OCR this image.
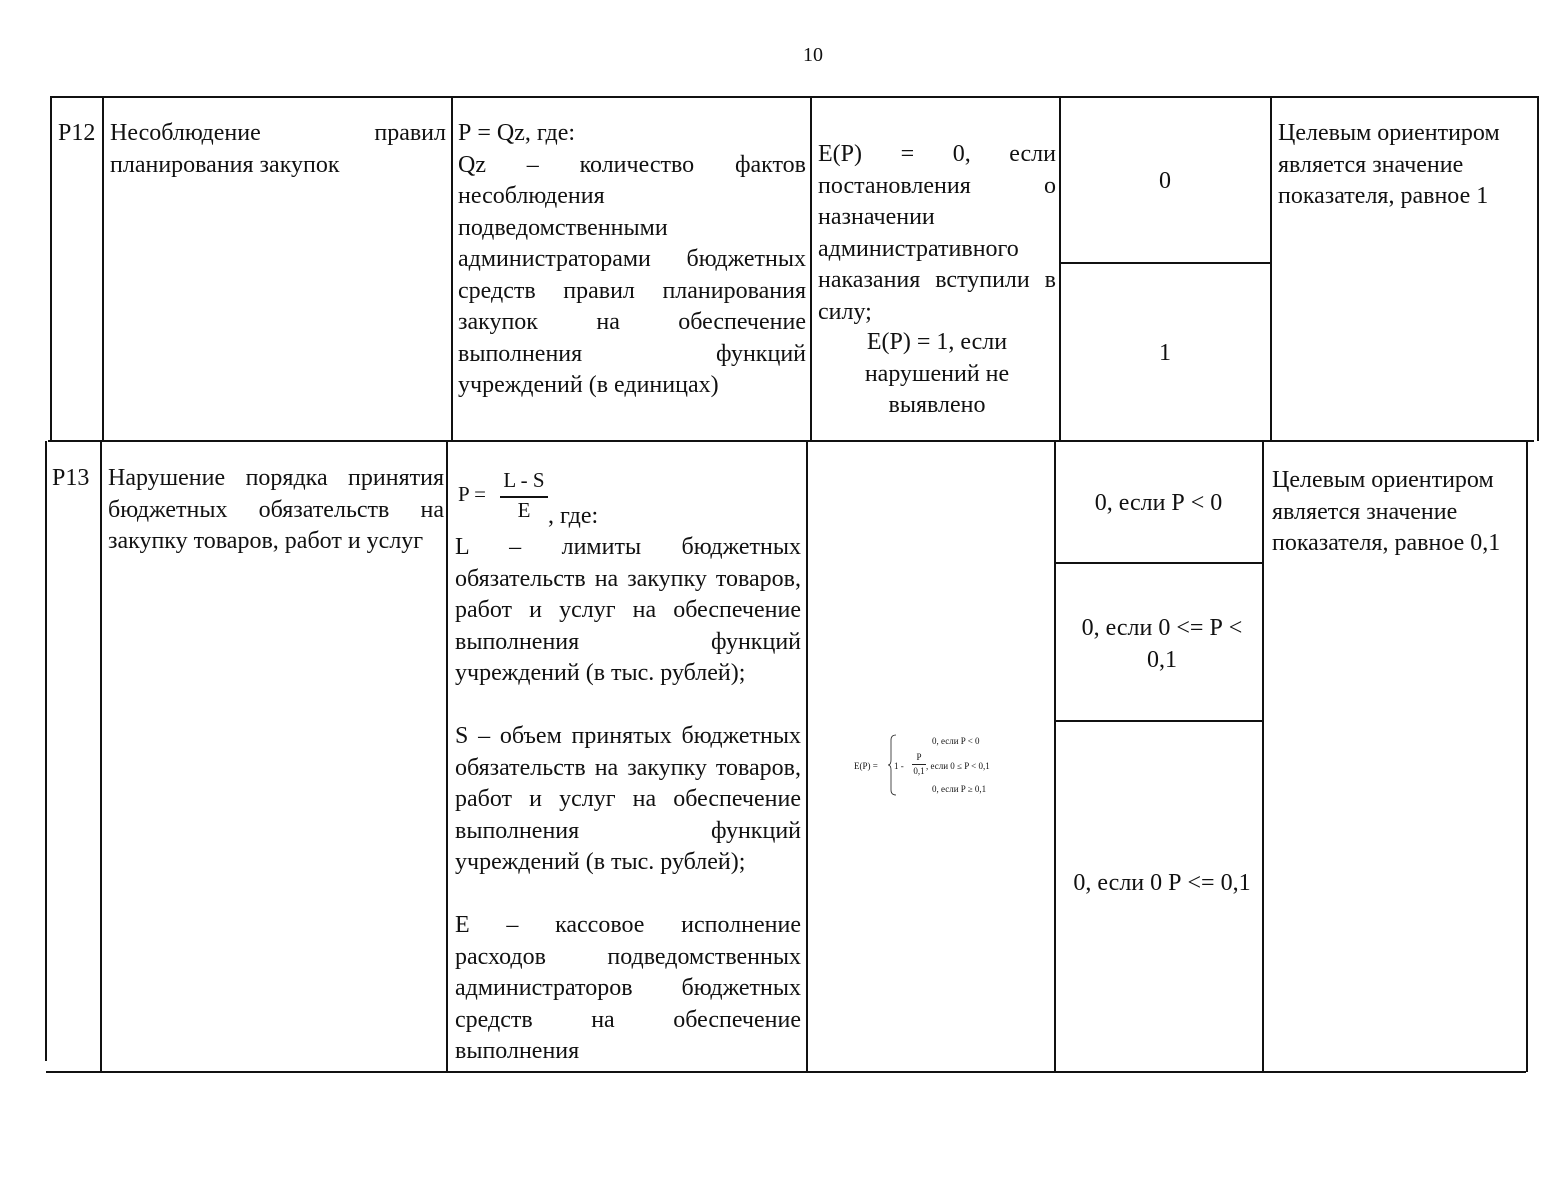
10
Р12 Несоблюдение правил планирования закупок
Р = Qz, где:
Qz – количество фактов несоблюдения подведомственными администраторами бюджетных средств правил планирования закупок на обеспечение выполнения функций учреждений (в единицах)
Е(Р) = 0, если постановления о назначении административного наказания вступили в силу;
Е(Р) = 1, если нарушений не выявлено
0
1
Целевым ориентиром является значение показателя, равное 1
Р13 Нарушение порядка принятия бюджетных обязательств на закупку товаров, работ и услуг
P =
L - S
E , где:
L – лимиты бюджетных обязательств на закупку товаров, работ и услуг на обеспечение выполнения функций учреждений (в тыс. рублей);
S – объем принятых бюджетных обязательств на закупку товаров, работ и услуг на обеспечение выполнения функций учреждений (в тыс. рублей);
Е – кассовое исполнение расходов подведомственных администраторов бюджетных средств на обеспечение выполнения
E(P) =
0, если P < 0
1 -
P
0,1 , если 0 ≤ P < 0,1
0, если P ≥ 0,1
0, если Р < 0
0, если 0 <= Р < 0,1
0, если 0 Р <= 0,1
Целевым ориентиром является значение показателя, равное 0,1
